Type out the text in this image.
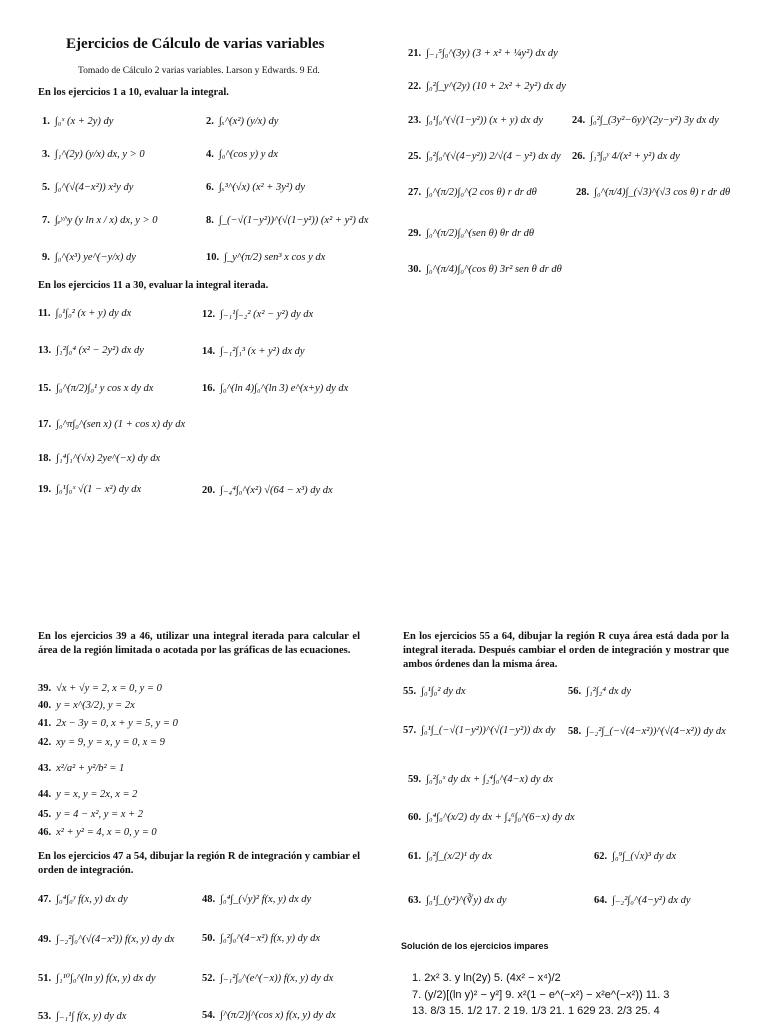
Ejercicios de Cálculo de varias variables
Tomado de Cálculo 2 varias variables. Larson y Edwards. 9 Ed.
En los ejercicios 1 a 10, evaluar la integral.
1. ∫₀ˣ (x + 2y) dy	2. ∫ₓ^(x²) (y/x) dy
3. ∫₁^(2y) (y/x) dx, y > 0	4. ∫₀^(cos y) y dx
5. ∫₀^(√(4−x²)) x²y dy	6. ∫ₓ³^(√x) (x² + 3y²) dy
7. ∫ₑʸ^y (y ln x / x) dx, y > 0	8. ∫_(−√(1−y²))^(√(1−y²)) (x² + y²) dx
9. ∫₀^(x³) ye^(−y/x) dy	10. ∫_y^(π/2) sen³ x cos y dx
En los ejercicios 11 a 30, evaluar la integral iterada.
11. ∫₀¹∫₀² (x + y) dy dx	12. ∫₋₁¹∫₋₂² (x² − y²) dy dx
13. ∫₁²∫₀⁴ (x² − 2y²) dx dy	14. ∫₋₁²∫₁³ (x + y²) dx dy
15. ∫₀^(π/2)∫₀¹ y cos x dy dx	16. ∫₀^(ln 4)∫₀^(ln 3) e^(x+y) dy dx
17. ∫₀^π∫₀^(sen x) (1 + cos x) dy dx
18. ∫₁⁴∫₁^(√x) 2ye^(−x) dy dx
19. ∫₀¹∫₀ˣ √(1 − x²) dy dx	20. ∫₋₄⁴∫₀^(x²) √(64 − x³) dy dx
21. ∫₋₁⁵∫₀^(3y) (3 + x² + ¼y²) dx dy
22. ∫₀²∫_y^(2y) (10 + 2x² + 2y²) dx dy
23. ∫₀¹∫₀^(√(1−y²)) (x + y) dx dy	24. ∫₀²∫_(3y²−6y)^(2y−y²) 3y dx dy
25. ∫₀²∫₀^(√(4−y²)) 2/√(4 − y²) dx dy 26. ∫₁³∫₀ʸ 4/(x² + y²) dx dy
27. ∫₀^(π/2)∫₀^(2 cos θ) r dr dθ	28. ∫₀^(π/4)∫_(√3)^(√3 cos θ) r dr dθ
29. ∫₀^(π/2)∫₀^(sen θ) θr dr dθ
30. ∫₀^(π/4)∫₀^(cos θ) 3r² sen θ dr dθ
En los ejercicios 39 a 46, utilizar una integral iterada para calcular el área de la región limitada o acotada por las gráficas de las ecuaciones.
39. √x + √y = 2, x = 0, y = 0
40. y = x^(3/2), y = 2x
41. 2x − 3y = 0, x + y = 5, y = 0
42. xy = 9, y = x, y = 0, x = 9
43. x²/a² + y²/b² = 1
44. y = x, y = 2x, x = 2
45. y = 4 − x², y = x + 2
46. x² + y² = 4, x = 0, y = 0
En los ejercicios 47 a 54, dibujar la región R de integración y cambiar el orden de integración.
47. ∫₀⁴∫₀ʸ f(x, y) dx dy	48. ∫₀⁴∫_(√y)² f(x, y) dx dy
49. ∫₋₂²∫₀^(√(4−x²)) f(x, y) dy dx	50. ∫₀²∫₀^(4−x²) f(x, y) dy dx
51. ∫₁¹⁰∫₀^(ln y) f(x, y) dx dy	52. ∫₋₁²∫₀^(e^(−x)) f(x, y) dy dx
53. ∫₋₁¹∫ f(x, y) dy dx	54. ∫^(π/2)∫^(cos x) f(x, y) dy dx
En los ejercicios 55 a 64, dibujar la región R cuya área está dada por la integral iterada. Después cambiar el orden de integración y mostrar que ambos órdenes dan la misma área.
55. ∫₀¹∫₀² dy dx	56. ∫₁²∫₂⁴ dx dy
57. ∫₀¹∫_(−√(1−y²))^(√(1−y²)) dx dy 58. ∫₋₂²∫_(−√(4−x²))^(√(4−x²)) dy dx
59. ∫₀²∫₀ˣ dy dx + ∫₂⁴∫₀^(4−x) dy dx
60. ∫₀⁴∫₀^(x/2) dy dx + ∫₄⁶∫₀^(6−x) dy dx
61. ∫₀²∫_(x/2)¹ dy dx	62. ∫₀⁹∫_(√x)³ dy dx
63. ∫₀¹∫_(y²)^(∛y) dx dy	64. ∫₋₂²∫₀^(4−y²) dx dy
Solución de los ejercicios impares
1. 2x² 3. y ln(2y) 5. (4x² − x⁴)/2
7. (y/2)[(ln y)² − y²] 9. x²(1 − e^(−x²) − x²e^(−x²)) 11. 3
13. 8/3 15. 1/2 17. 2 19. 1/3 21. 1 629 23. 2/3 25. 4
